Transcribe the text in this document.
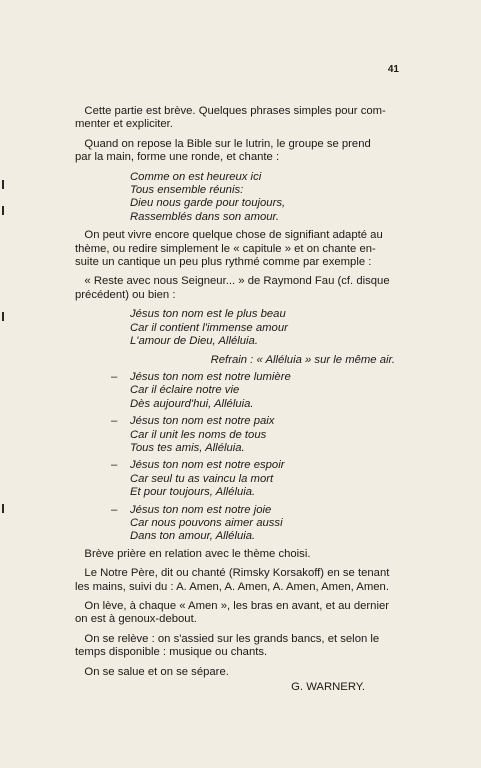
41
Cette partie est brève. Quelques phrases simples pour com-
menter et expliciter.
Quand on repose la Bible sur le lutrin, le groupe se prend
par la main, forme une ronde, et chante :
Comme on est heureux ici
Tous ensemble réunis:
Dieu nous garde pour toujours,
Rassemblés dans son amour.
On peut vivre encore quelque chose de signifiant adapté au
thème, ou redire simplement le « capitule » et on chante en-
suite un cantique un peu plus rythmé comme par exemple :
« Reste avec nous Seigneur... » de Raymond Fau (cf. disque
précédent) ou bien :
Jésus ton nom est le plus beau
Car il contient l'immense amour
L'amour de Dieu, Alléluia.
Refrain : « Alléluia » sur le même air.
– Jésus ton nom est notre lumière
Car il éclaire notre vie
Dès aujourd'hui, Alléluia.
– Jésus ton nom est notre paix
Car il unit les noms de tous
Tous tes amis, Alléluia.
– Jésus ton nom est notre espoir
Car seul tu as vaincu la mort
Et pour toujours, Alléluia.
– Jésus ton nom est notre joie
Car nous pouvons aimer aussi
Dans ton amour, Alléluia.
Brève prière en relation avec le thème choisi.
Le Notre Père, dit ou chanté (Rimsky Korsakoff) en se tenant
les mains, suivi du : A. Amen, A. Amen, A. Amen, Amen, Amen.
On lève, à chaque « Amen », les bras en avant, et au dernier
on est à genoux-debout.
On se relève : on s'assied sur les grands bancs, et selon le
temps disponible : musique ou chants.
On se salue et on se sépare.
G. WARNERY.
